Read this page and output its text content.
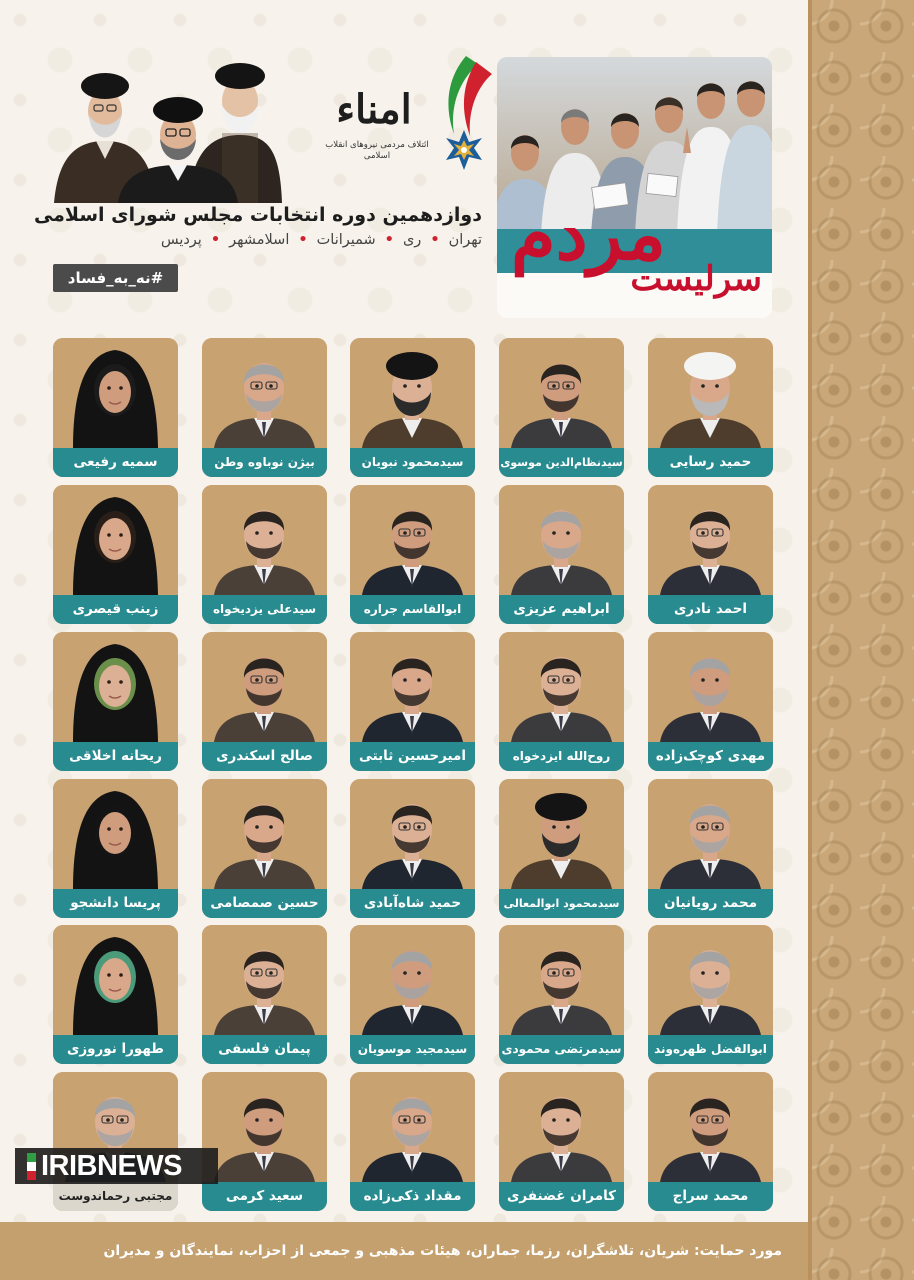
امناء
ائتلاف مردمی نیروهای انقلاب اسلامی
مردم
سرلیست
دوازدهمین دوره انتخابات مجلس شورای اسلامی
تهران•ری•شمیرانات•اسلامشهر•پردیس
#نه_به_فساد
حمید رسایی
سیدنظام‌الدین موسوی
سیدمحمود نبویان
بیژن نوباوه وطن
سمیه رفیعی
احمد نادری
ابراهیم عزیزی
ابوالقاسم جراره
سیدعلی یزدیخواه
زینب قیصری
مهدی کوچک‌زاده
روح‌الله ایزدخواه
امیرحسین ثابتی
صالح اسکندری
ریحانه اخلاقی
محمد رویانیان
سیدمحمود ابوالمعالی
حمید شاه‌آبادی
حسین صمصامی
پریسا دانشجو
ابوالفضل ظهره‌وند
سیدمرتضی محمودی
سیدمجید موسویان
پیمان فلسفی
طهورا نوروزی
محمد سراج
کامران غضنفری
مقداد ذکی‌زاده
سعید کرمی
مجتبی رحماندوست
مورد حمایت: شریان، تلاشگران، رزما، جماران، هیئات مذهبی و جمعی از احزاب، نمایندگان و مدیران
IRIBNEWS
